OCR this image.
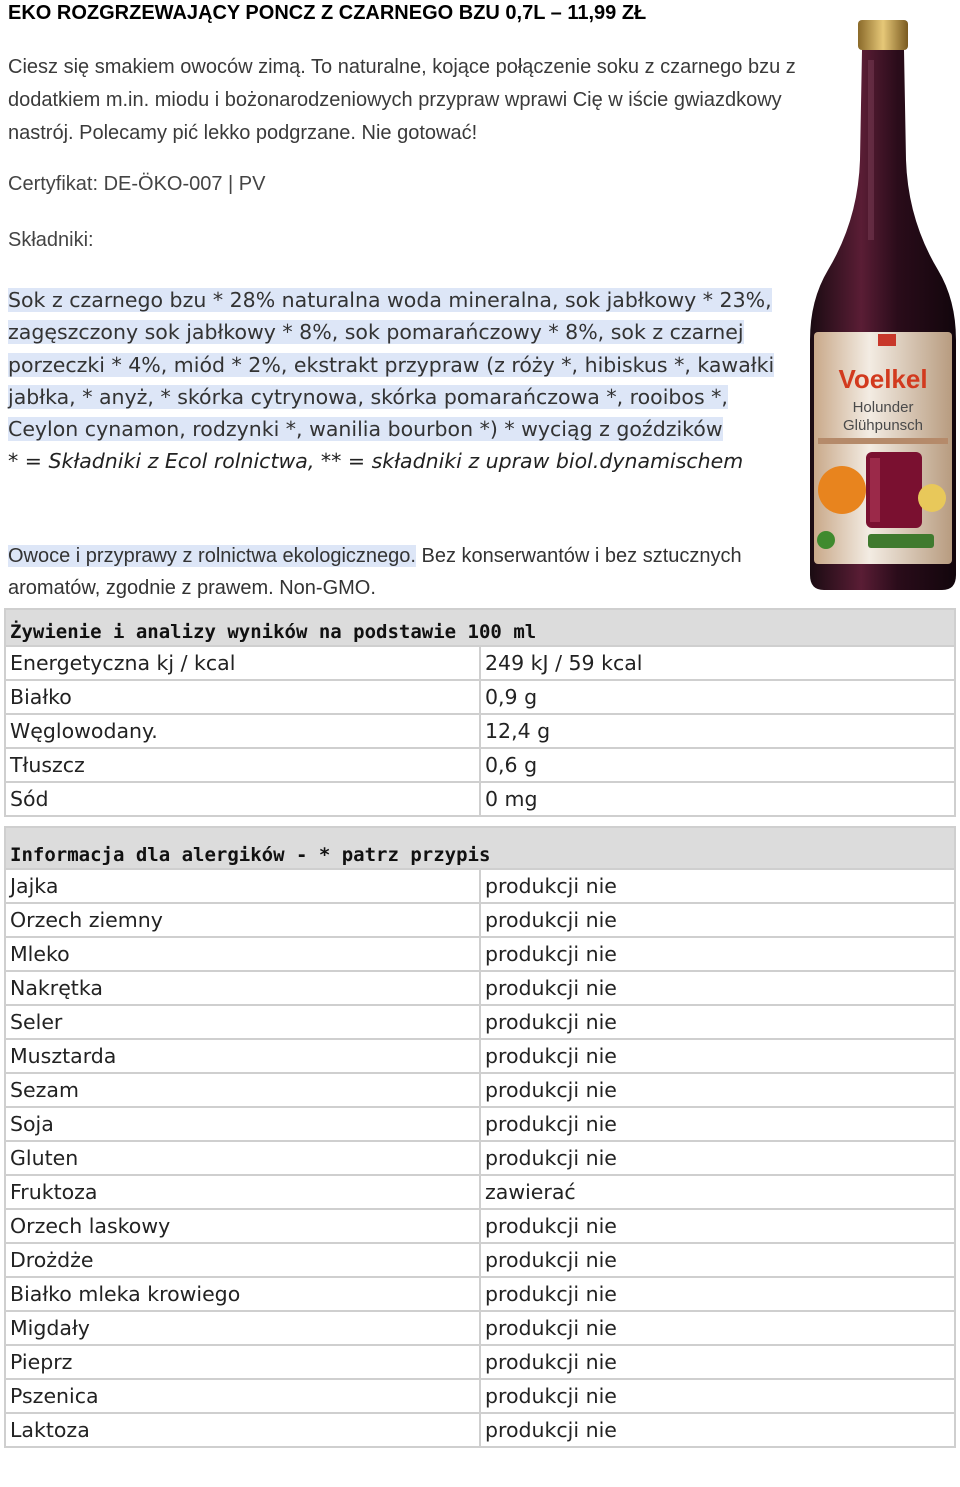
EKO ROZGRZEWAJĄCY PONCZ Z CZARNEGO BZU 0,7L – 11,99 ZŁ
Ciesz się smakiem owoców zimą. To naturalne, kojące połączenie soku z czarnego bzu z dodatkiem m.in. miodu i bożonarodzeniowych przypraw wprawi Cię w iście gwiazdkowy nastrój. Polecamy pić lekko podgrzane. Nie gotować!
Certyfikat: DE-ÖKO-007 | PV
Składniki:
Sok z czarnego bzu * 28% naturalna woda mineralna, sok jabłkowy * 23%, zagęszczony sok jabłkowy * 8%, sok pomarańczowy * 8%, sok z czarnej porzeczki * 4%, miód * 2%, ekstrakt przypraw (z róży *, hibiskus *, kawałki jabłka, * anyż, * skórka cytrynowa, skórka pomarańczowa *, rooibos *, Ceylon cynamon, rodzynki *, wanilia bourbon *) * wyciąg z goździków
* = Składniki z Ecol rolnictwa, ** = składniki z upraw biol.dynamischem
Owoce i przyprawy z rolnictwa ekologicznego. Bez konserwantów i bez sztucznych aromatów, zgodnie z prawem. Non-GMO.
Voelkel
Holunder
Glühpunsch
Żywienie i analizy wyników na podstawie 100 ml	
Energetyczna kj / kcal	249 kJ / 59 kcal
Białko	0,9 g
Węglowodany.	12,4 g
Tłuszcz	0,6 g
Sód	0 mg
Informacja dla alergików - * patrz przypis	
Jajka	produkcji nie
Orzech ziemny	produkcji nie
Mleko	produkcji nie
Nakrętka	produkcji nie
Seler	produkcji nie
Musztarda	produkcji nie
Sezam	produkcji nie
Soja	produkcji nie
Gluten	produkcji nie
Fruktoza	zawierać
Orzech laskowy	produkcji nie
Drożdże	produkcji nie
Białko mleka krowiego	produkcji nie
Migdały	produkcji nie
Pieprz	produkcji nie
Pszenica	produkcji nie
Laktoza	produkcji nie
